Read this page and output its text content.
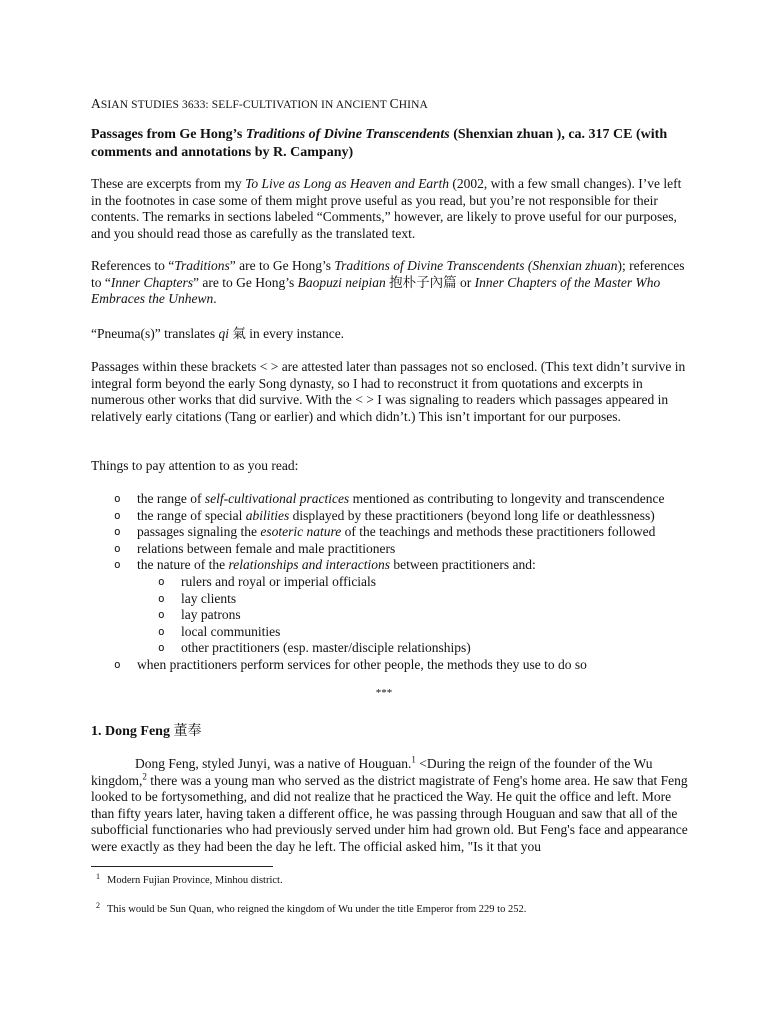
ASIAN STUDIES 3633: SELF-CULTIVATION IN ANCIENT CHINA
Passages from Ge Hong’s Traditions of Divine Transcendents (Shenxian zhuan ), ca. 317 CE (with comments and annotations by R. Campany)
These are excerpts from my To Live as Long as Heaven and Earth (2002, with a few small changes). I’ve left in the footnotes in case some of them might prove useful as you read, but you’re not responsible for their contents. The remarks in sections labeled “Comments,” however, are likely to prove useful for our purposes, and you should read those as carefully as the translated text.
References to “Traditions” are to Ge Hong’s Traditions of Divine Transcendents (Shenxian zhuan); references to “Inner Chapters” are to Ge Hong’s Baopuzi neipian 抱朴子內篇 or Inner Chapters of the Master Who Embraces the Unhewn.
“Pneuma(s)” translates qi 氣 in every instance.
Passages within these brackets < > are attested later than passages not so enclosed. (This text didn’t survive in integral form beyond the early Song dynasty, so I had to reconstruct it from quotations and excerpts in numerous other works that did survive. With the < > I was signaling to readers which passages appeared in relatively early citations (Tang or earlier) and which didn’t.) This isn’t important for our purposes.
Things to pay attention to as you read:
o the range of self-cultivational practices mentioned as contributing to longevity and transcendence
o the range of special abilities displayed by these practitioners (beyond long life or deathlessness)
o passages signaling the esoteric nature of the teachings and methods these practitioners followed
o relations between female and male practitioners
o the nature of the relationships and interactions between practitioners and:
o rulers and royal or imperial officials
o lay clients
o lay patrons
o local communities
o other practitioners (esp. master/disciple relationships)
o when practitioners perform services for other people, the methods they use to do so
***
1. Dong Feng 董奉
Dong Feng, styled Junyi, was a native of Houguan.$^1$ <During the reign of the founder of the Wu kingdom,$^2$ there was a young man who served as the district magistrate of Feng's home area. He saw that Feng looked to be fortysomething, and did not realize that he practiced the Way. He quit the office and left. More than fifty years later, having taken a different office, he was passing through Houguan and saw that all of the subofficial functionaries who had previously served under him had grown old. But Feng's face and appearance were exactly as they had been the day he left. The official asked him, "Is it that you
$^1$ Modern Fujian Province, Minhou district.
$^2$ This would be Sun Quan, who reigned the kingdom of Wu under the title Emperor from 229 to 252.
